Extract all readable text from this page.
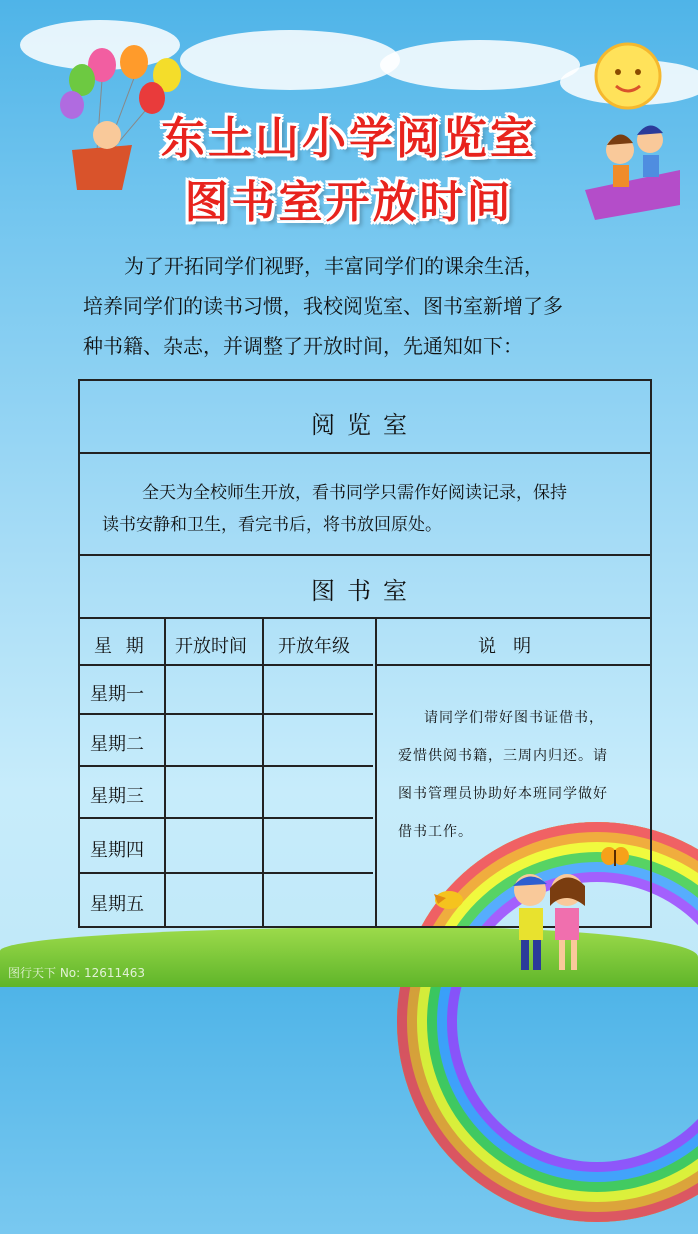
东土山小学阅览室
图书室开放时间
为了开拓同学们视野，丰富同学们的课余生活，
培养同学们的读书习惯，我校阅览室、图书室新增了多
种书籍、杂志，并调整了开放时间，先通知如下：
阅览室
全天为全校师生开放，看书同学只需作好阅读记录，保持
读书安静和卫生，看完书后，将书放回原处。
图书室
星 期 开放时间 开放年级	说   明
星期一
星期二
星期三
星期四
星期五
请同学们带好图书证借书，
爱惜供阅书籍，三周内归还。请
图书管理员协助好本班同学做好
借书工作。
图行天下 No: 12611463
